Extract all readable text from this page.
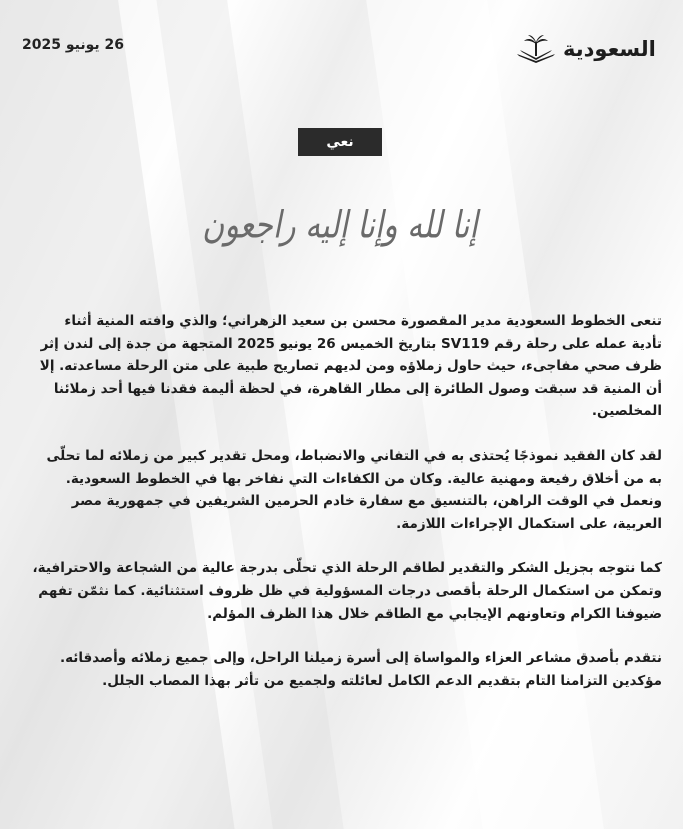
26 يونيو 2025	السعودية
نعي
إنا لله وإنا إليه راجعون

تنعى الخطوط السعودية مدير المقصورة محسن بن سعيد الزهراني؛ والذي وافته المنية أثناء تأدية عمله على رحلة رقم SV119 بتاريخ الخميس 26 يونيو 2025 المتجهة من جدة إلى لندن إثر ظرف صحي مفاجىء، حيث حاول زملاؤه ومن لديهم تصاريح طبية على متن الرحلة مساعدته. إلا أن المنية قد سبقت وصول الطائرة إلى مطار القاهرة، في لحظة أليمة فقدنا فيها أحد زملائنا المخلصين.

لقد كان الفقيد نموذجًا يُحتذى به في التفاني والانضباط، ومحل تقدير كبير من زملائه لما تحلّى به من أخلاق رفيعة ومهنية عالية. وكان من الكفاءات التي نفاخر بها في الخطوط السعودية. ونعمل في الوقت الراهن، بالتنسيق مع سفارة خادم الحرمين الشريفين في جمهورية مصر العربية، على استكمال الإجراءات اللازمة.

كما نتوجه بجزيل الشكر والتقدير لطاقم الرحلة الذي تحلّى بدرجة عالية من الشجاعة والاحترافية، وتمكن من استكمال الرحلة بأقصى درجات المسؤولية في ظل ظروف استثنائية. كما نثمّن تفهم ضيوفنا الكرام وتعاونهم الإيجابي مع الطاقم خلال هذا الظرف المؤلم.

نتقدم بأصدق مشاعر العزاء والمواساة إلى أسرة زميلنا الراحل، وإلى جميع زملائه وأصدقائه. مؤكدين التزامنا التام بتقديم الدعم الكامل لعائلته ولجميع من تأثر بهذا المصاب الجلل.
